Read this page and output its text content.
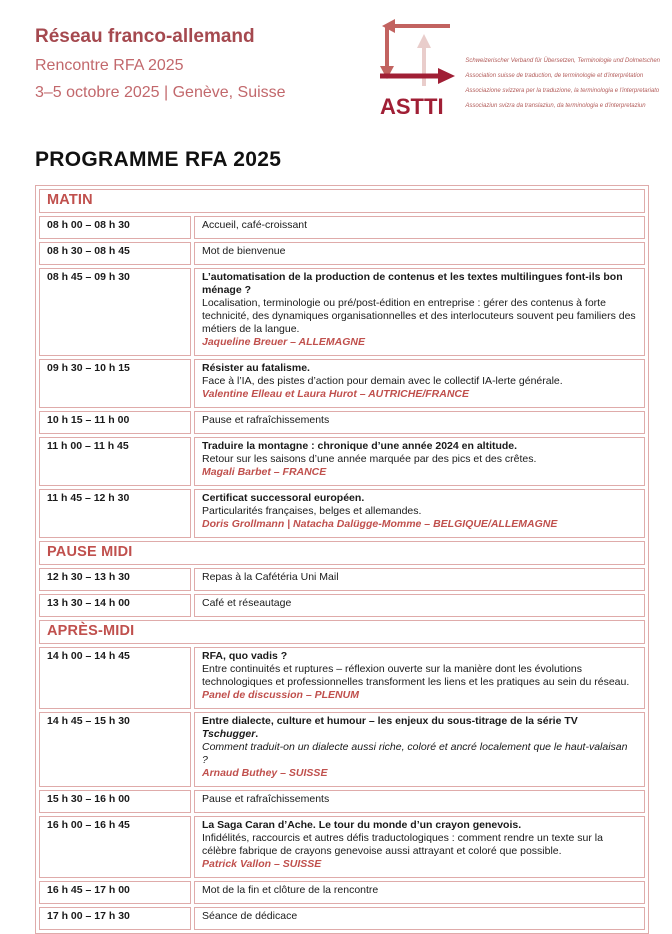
Réseau franco-allemand
Rencontre RFA 2025
3–5 octobre 2025 | Genève, Suisse
ASTTI
Schweizerischer Verband für Übersetzen, Terminologie und Dolmetschen
Association suisse de traduction, de terminologie et d'interprétation
Associazione svizzera per la traduzione, la terminologia e l'interpretariato
Associaziun svizra da translaziun, da terminologia e d'interpretaziun
PROGRAMME RFA 2025
MATIN	
08 h 00 – 08 h 30	Accueil, café-croissant

08 h 30 – 08 h 45	Mot de bienvenue

08 h 45 – 09 h 30	L’automatisation de la production de contenus et les textes multilingues font-ils bon ménage ?
Localisation, terminologie ou pré/post-édition en entreprise : gérer des contenus à forte technicité, des dynamiques organisationnelles et des interlocuteurs souvent peu familiers des métiers de la langue.
Jaqueline Breuer – ALLEMAGNE

09 h 30 – 10 h 15	Résister au fatalisme.
Face à l’IA, des pistes d’action pour demain avec le collectif IA-lerte générale.
Valentine Elleau et Laura Hurot – AUTRICHE/FRANCE

10 h 15 – 11 h 00	Pause et rafraîchissements

11 h 00 – 11 h 45	Traduire la montagne : chronique d’une année 2024 en altitude.
Retour sur les saisons d’une année marquée par des pics et des crêtes.
Magali Barbet – FRANCE

11 h 45 – 12 h 30	Certificat successoral européen.
Particularités françaises, belges et allemandes.
Doris Grollmann | Natacha Dalügge-Momme – BELGIQUE/ALLEMAGNE

PAUSE MIDI	
12 h 30 – 13 h 30	Repas à la Cafétéria Uni Mail

13 h 30 – 14 h 00	Café et réseautage

APRÈS-MIDI	
14 h 00 – 14 h 45	RFA, quo vadis ?
Entre continuités et ruptures – réflexion ouverte sur la manière dont les évolutions technologiques et professionnelles transforment les liens et les pratiques au sein du réseau.
Panel de discussion – PLENUM

14 h 45 – 15 h 30	Entre dialecte, culture et humour – les enjeux du sous-titrage de la série TV Tschugger.
Comment traduit-on un dialecte aussi riche, coloré et ancré localement que le haut-valaisan ?
Arnaud Buthey – SUISSE

15 h 30 – 16 h 00	Pause et rafraîchissements

16 h 00 – 16 h 45	La Saga Caran d’Ache. Le tour du monde d’un crayon genevois.
Infidélités, raccourcis et autres défis traductologiques : comment rendre un texte sur la célèbre fabrique de crayons genevoise aussi attrayant et coloré que possible.
Patrick Vallon – SUISSE

16 h 45 – 17 h 00	Mot de la fin et clôture de la rencontre

17 h 00 – 17 h 30	Séance de dédicace
